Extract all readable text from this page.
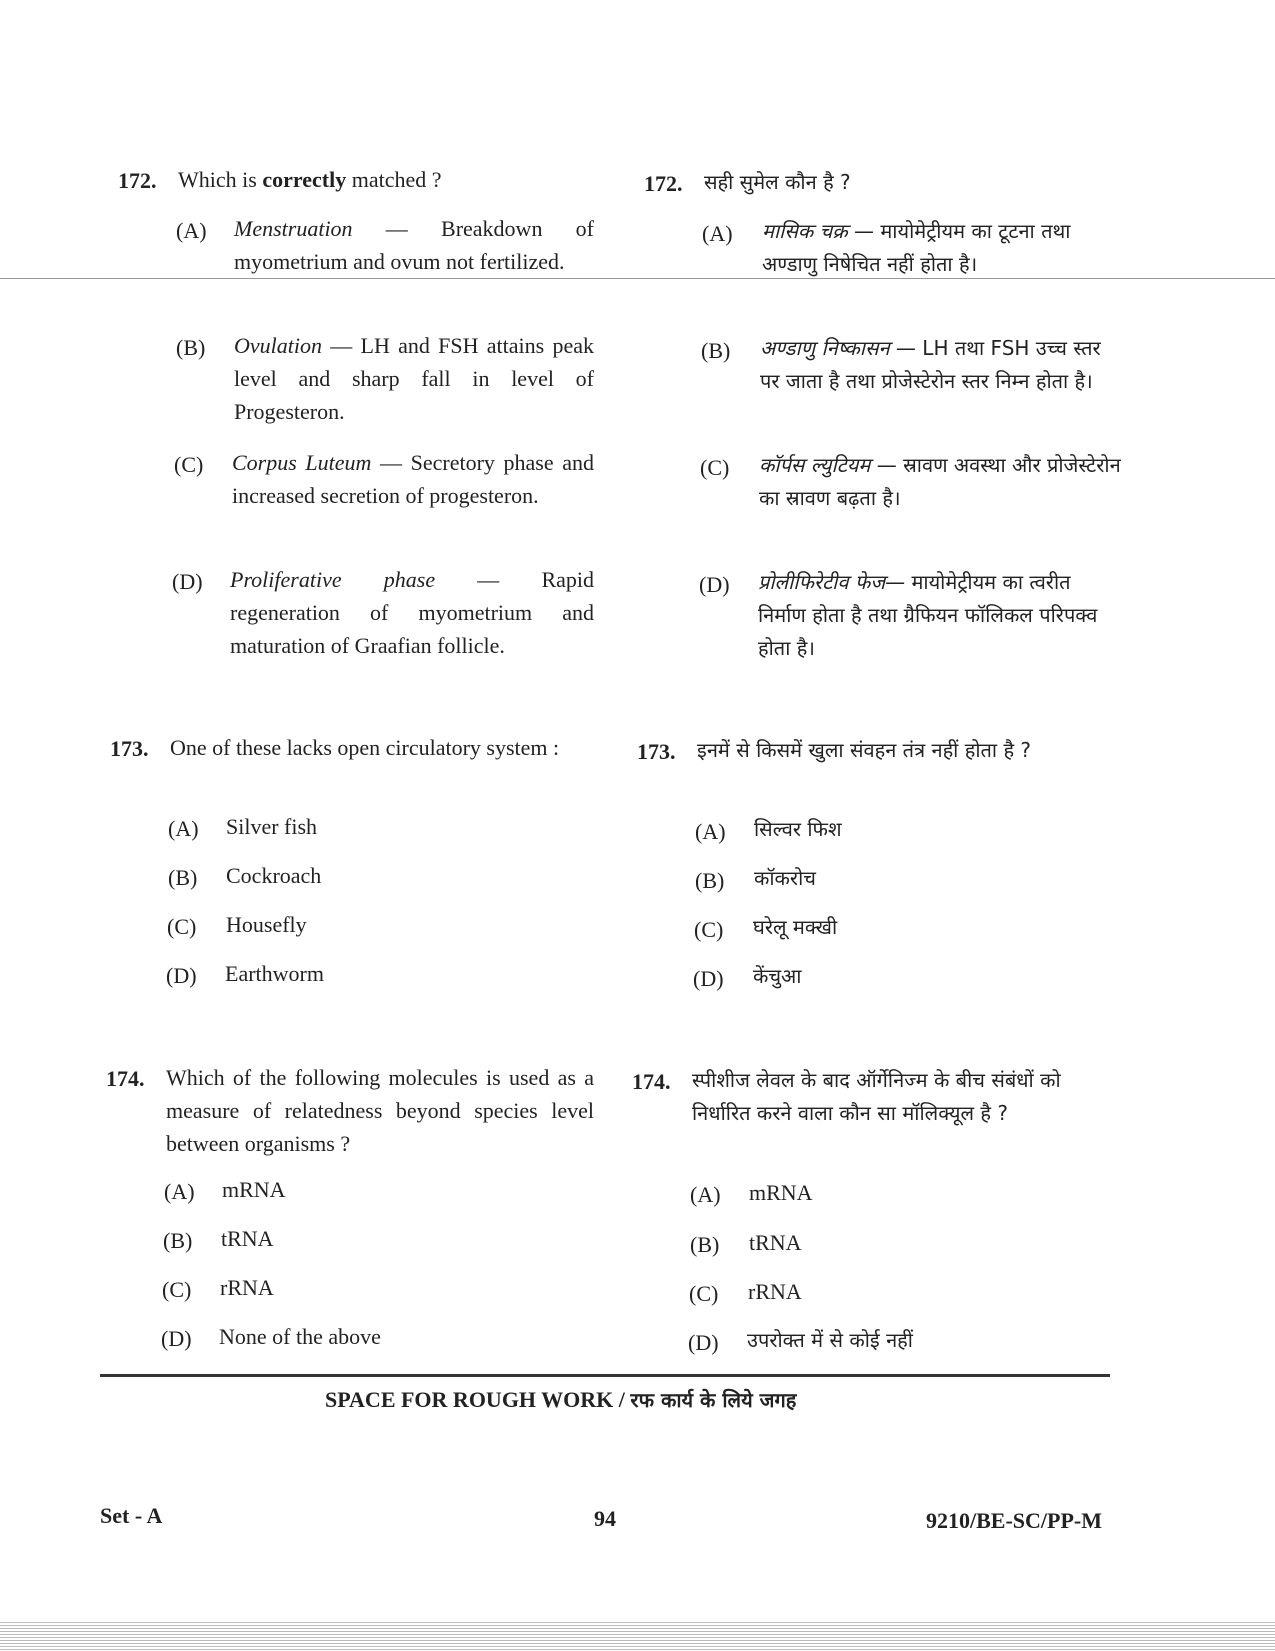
172. Which is correctly matched ?
(A) Menstruation — Breakdown of myometrium and ovum not fertilized.
(B) Ovulation — LH and FSH attains peak level and sharp fall in level of Progesteron.
(C) Corpus Luteum — Secretory phase and increased secretion of progesteron.
(D) Proliferative phase — Rapid regeneration of myometrium and maturation of Graafian follicle.
172. सही सुमेल कौन है ?
(A) मासिक चक्र — मायोमेट्रीयम का टूटना तथा अण्डाणु निषेचित नहीं होता है।
(B) अण्डाणु निष्कासन — LH तथा FSH उच्च स्तर पर जाता है तथा प्रोजेस्टेरोन स्तर निम्न होता है।
(C) कॉर्पस ल्युटियम — स्रावण अवस्था और प्रोजेस्टेरोन का स्रावण बढ़ता है।
(D) प्रोलीफिरेटीव फेज— मायोमेट्रीयम का त्वरीत निर्माण होता है तथा ग्रैफियन फॉलिकल परिपक्व होता है।
173. One of these lacks open circulatory system :
(A) Silver fish
(B) Cockroach
(C) Housefly
(D) Earthworm
173. इनमें से किसमें खुला संवहन तंत्र नहीं होता है ?
(A) सिल्वर फिश
(B) कॉकरोच
(C) घरेलू मक्खी
(D) केंचुआ
174. Which of the following molecules is used as a measure of relatedness beyond species level between organisms ?
(A) mRNA
(B) tRNA
(C) rRNA
(D) None of the above
174. स्पीशीज लेवल के बाद ऑर्गेनिज्म के बीच संबंधों को निर्धारित करने वाला कौन सा मॉलिक्यूल है ?
(A) mRNA
(B) tRNA
(C) rRNA
(D) उपरोक्त में से कोई नहीं
SPACE FOR ROUGH WORK / रफ कार्य के लिये जगह
Set - A	94	9210/BE-SC/PP-M
